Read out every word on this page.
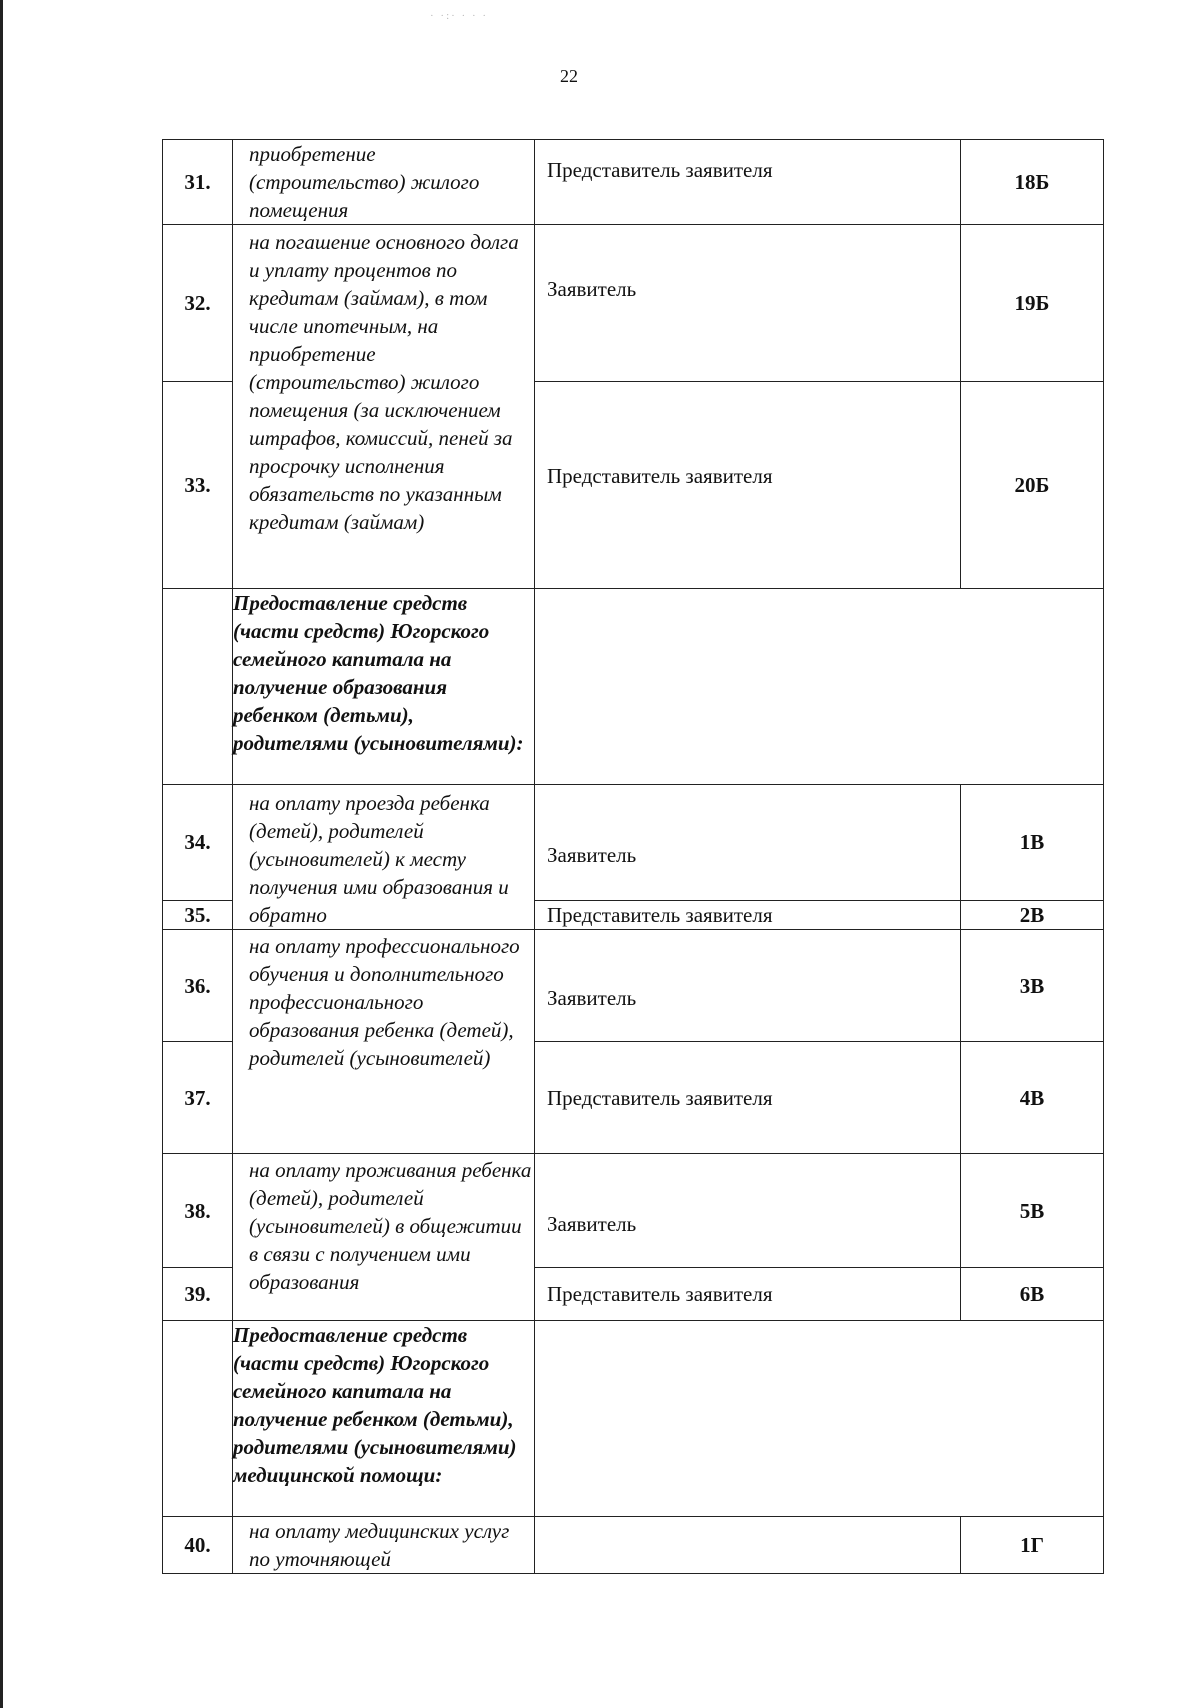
· ·:· · · ·
22
31.	приобретение (строительство) жилого помещения	Представитель заявителя	18Б
32.	на погашение основного долга и уплату процентов по кредитам (займам), в том числе ипотечным, на приобретение (строительство) жилого помещения (за исключением штрафов, комиссий, пеней за просрочку исполнения обязательств по указанным кредитам (займам)	Заявитель	19Б
33.		Представитель заявителя	20Б
	Предоставление средств (части средств) Югорского семейного капитала на получение образования ребенком (детьми), родителями (усыновителями):		
34.	на оплату проезда ребенка (детей), родителей (усыновителей) к месту получения ими образования и обратно	Заявитель	1В
35.		Представитель заявителя	2В
36.	на оплату профессионального обучения и дополнительного профессионального образования ребенка (детей), родителей (усыновителей)	Заявитель	3В
37.		Представитель заявителя	4В
38.	на оплату проживания ребенка (детей), родителей (усыновителей) в общежитии в связи с получением ими образования	Заявитель	5В
39.		Представитель заявителя	6В
	Предоставление средств (части средств) Югорского семейного капитала на получение ребенком (детьми), родителями (усыновителями) медицинской помощи:		
40.	на оплату медицинских услуг по уточняющей		1Г
